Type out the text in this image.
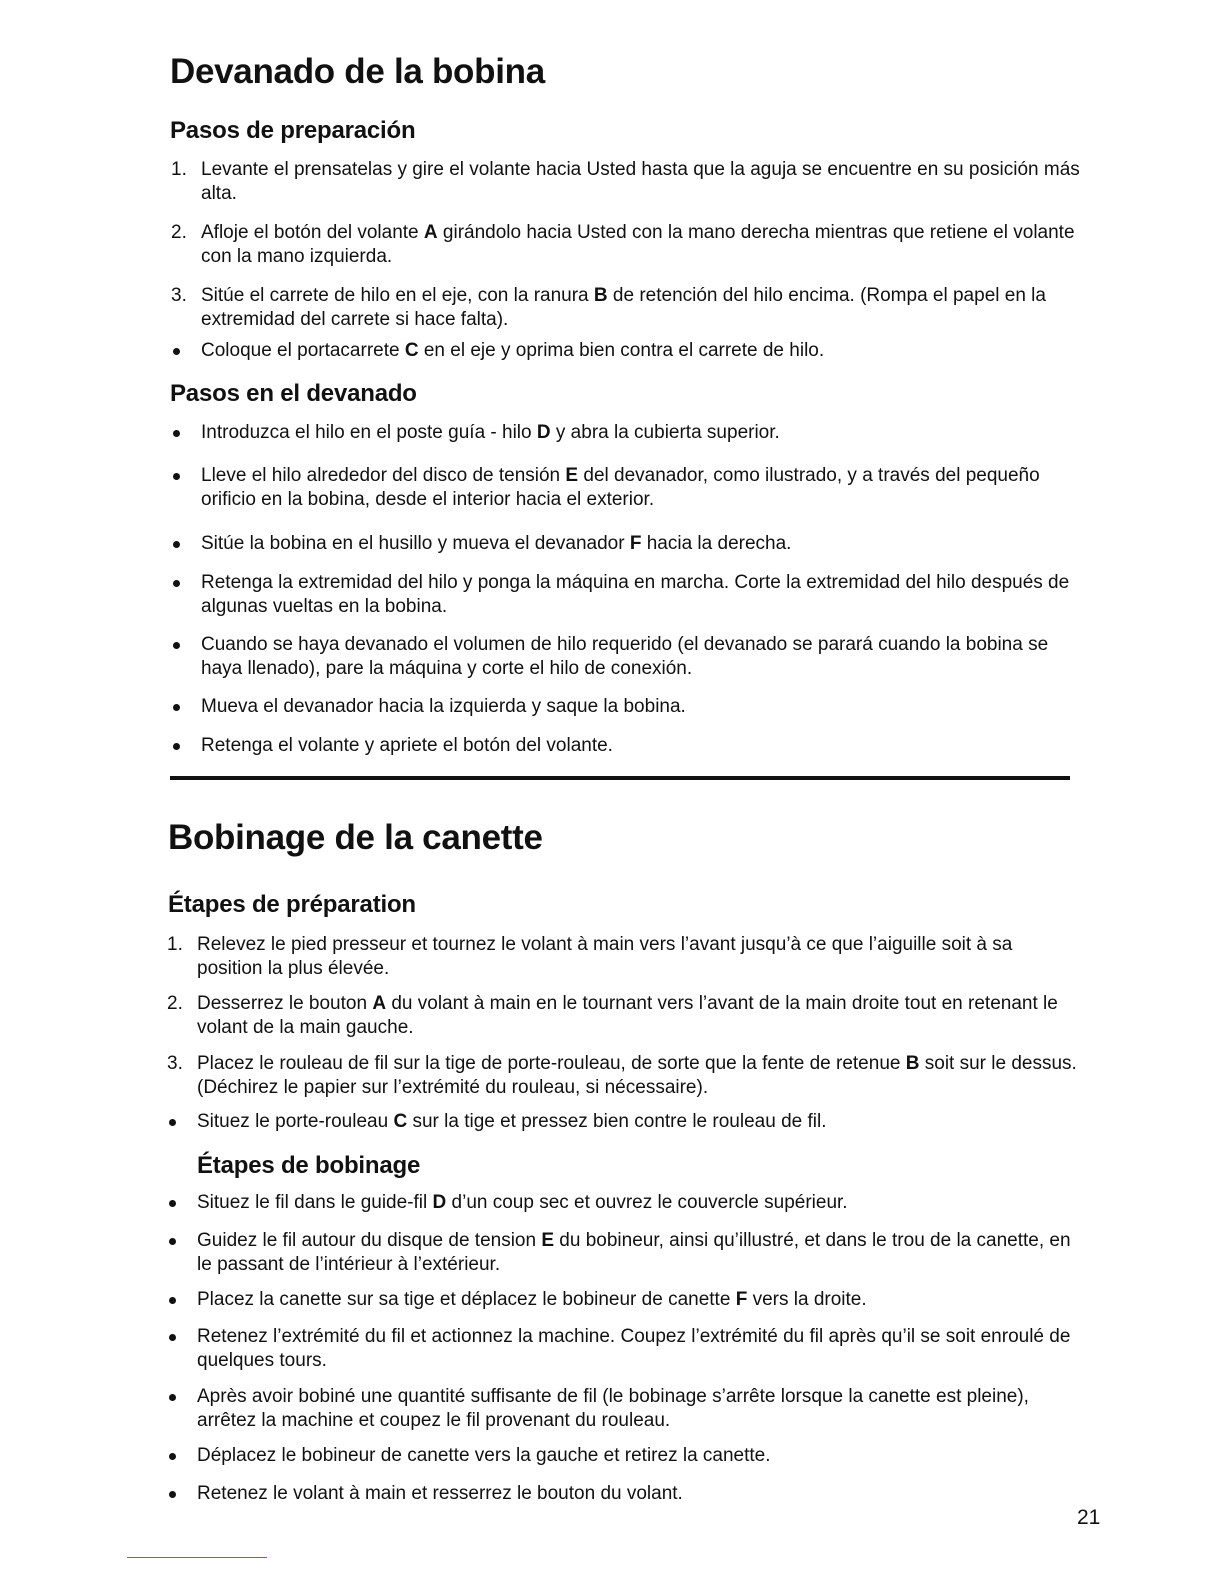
Devanado de la bobina
Pasos de preparación
1. Levante el prensatelas y gire el volante hacia Usted hasta que la aguja se encuentre en su posición más alta.
2. Afloje el botón del volante A girándolo hacia Usted con la mano derecha mientras que retiene el volante con la mano izquierda.
3. Sitúe el carrete de hilo en el eje, con la ranura B de retención del hilo encima. (Rompa el papel en la extremidad del carrete si hace falta).
Coloque el portacarrete C en el eje y oprima bien contra el carrete de hilo.
Pasos en el devanado
Introduzca el hilo en el poste guía - hilo D y abra la cubierta superior.
Lleve el hilo alrededor del disco de tensión E del devanador, como ilustrado, y a través del pequeño orificio en la bobina, desde el interior hacia el exterior.
Sitúe la bobina en el husillo y mueva el devanador F hacia la derecha.
Retenga la extremidad del hilo y ponga la máquina en marcha. Corte la extremidad del hilo después de algunas vueltas en la bobina.
Cuando se haya devanado el volumen de hilo requerido (el devanado se parará cuando la bobina se haya llenado), pare la máquina y corte el hilo de conexión.
Mueva el devanador hacia la izquierda y saque la bobina.
Retenga el volante y apriete el botón del volante.
Bobinage de la canette
Étapes de préparation
1. Relevez le pied presseur et tournez le volant à main vers l’avant jusqu’à ce que l’aiguille soit à sa position la plus élevée.
2. Desserrez le bouton A du volant à main en le tournant vers l’avant de la main droite tout en retenant le volant de la main gauche.
3. Placez le rouleau de fil sur la tige de porte-rouleau, de sorte que la fente de retenue B soit sur le dessus. (Déchirez le papier sur l’extrémité du rouleau, si nécessaire).
Situez le porte-rouleau C sur la tige et pressez bien contre le rouleau de fil.
Étapes de bobinage
Situez le fil dans le guide-fil D d’un coup sec et ouvrez le couvercle supérieur.
Guidez le fil autour du disque de tension E du bobineur, ainsi qu’illustré, et dans le trou de la canette, en le passant de l’intérieur à l’extérieur.
Placez la canette sur sa tige et déplacez le bobineur de canette F vers la droite.
Retenez l’extrémité du fil et actionnez la machine. Coupez l’extrémité du fil après qu’il se soit enroulé de quelques tours.
Après avoir bobiné une quantité suffisante de fil (le bobinage s’arrête lorsque la canette est pleine), arrêtez la machine et coupez le fil provenant du rouleau.
Déplacez le bobineur de canette vers la gauche et retirez la canette.
Retenez le volant à main et resserrez le bouton du volant.
21
